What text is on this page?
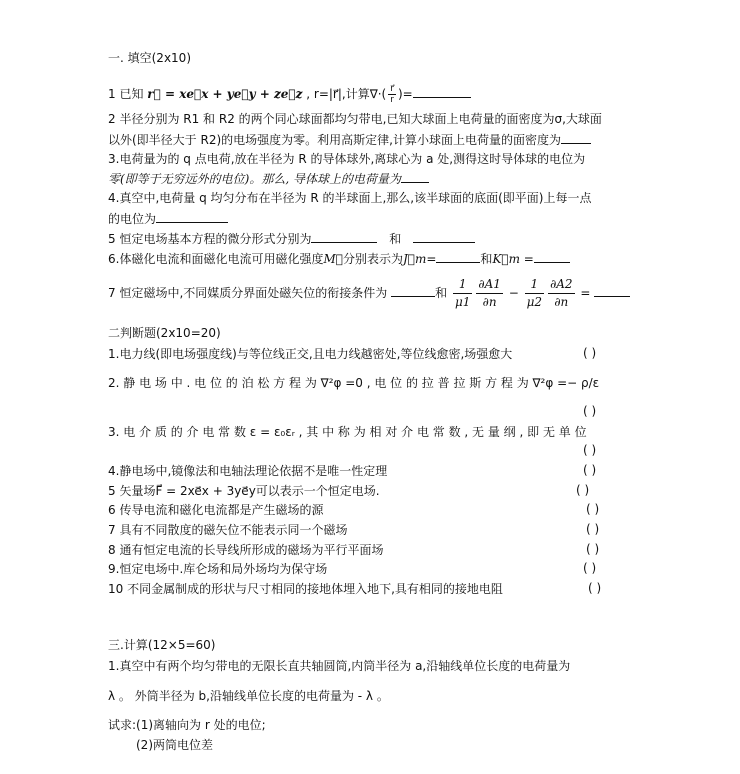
一. 填空(2x10)
1 已知 r⃗ = xe⃗x + ye⃗y + ze⃗z , r=|r⃗|,计算∇·( $\frac{r⃗}{r}$ )=
2 半径分别为 R1 和 R2 的两个同心球面都均匀带电,已知大球面上电荷量的面密度为σ,大球面
以外(即半径大于 R2)的电场强度为零。利用高斯定律,计算小球面上电荷量的面密度为
3.电荷量为的 q 点电荷,放在半径为 R 的导体球外,离球心为 a 处,测得这时导体球的电位为
零(即等于无穷远外的电位)。那么, 导体球上的电荷量为
4.真空中,电荷量 q 均匀分布在半径为 R 的半球面上,那么,该半球面的底面(即平面)上每一点
的电位为
5 恒定电场基本方程的微分形式分别为	和
6.体磁化电流和面磁化电流可用磁化强度M⃗分别表示为J⃗m=	和K⃗m =
7 恒定磁场中,不同媒质分界面处磁矢位的衔接条件为	和 $\frac{1}{\mu 1} \frac{\partial A1}{\partial n} - \frac{1}{\mu 2} \frac{\partial A2}{\partial n}$ =
二判断题(2x10=20)
1.电力线(即电场强度线)与等位线正交,且电力线越密处,等位线愈密,场强愈大	( )
2. 静 电 场 中 . 电 位 的 泊 松 方 程 为 ∇²φ =0 , 电 位 的 拉 普 拉 斯 方 程 为 ∇²φ =− ρ/ε
( )
3. 电 介 质 的 介 电 常 数 ε = ε₀εᵣ , 其 中 称 为 相 对 介 电 常 数 , 无 量 纲 , 即 无 单 位
( )
4.静电场中,镜像法和电轴法理论依据不是唯一性定理	( )
5 矢量场F⃗ = 2xe⃗x + 3ye⃗y可以表示一个恒定电场.	( )
6 传导电流和磁化电流都是产生磁场的源	( )
7 具有不同散度的磁矢位不能表示同一个磁场	( )
8 通有恒定电流的长导线所形成的磁场为平行平面场	( )
9.恒定电场中.库仑场和局外场均为保守场	( )
10 不同金属制成的形状与尺寸相同的接地体埋入地下,具有相同的接地电阻	( )
三.计算(12×5=60)
1.真空中有两个均匀带电的无限长直共轴圆筒,内筒半径为 a,沿轴线单位长度的电荷量为
λ 。 外筒半径为 b,沿轴线单位长度的电荷量为 - λ 。
试求:(1)离轴向为 r 处的电位;
(2)两筒电位差
